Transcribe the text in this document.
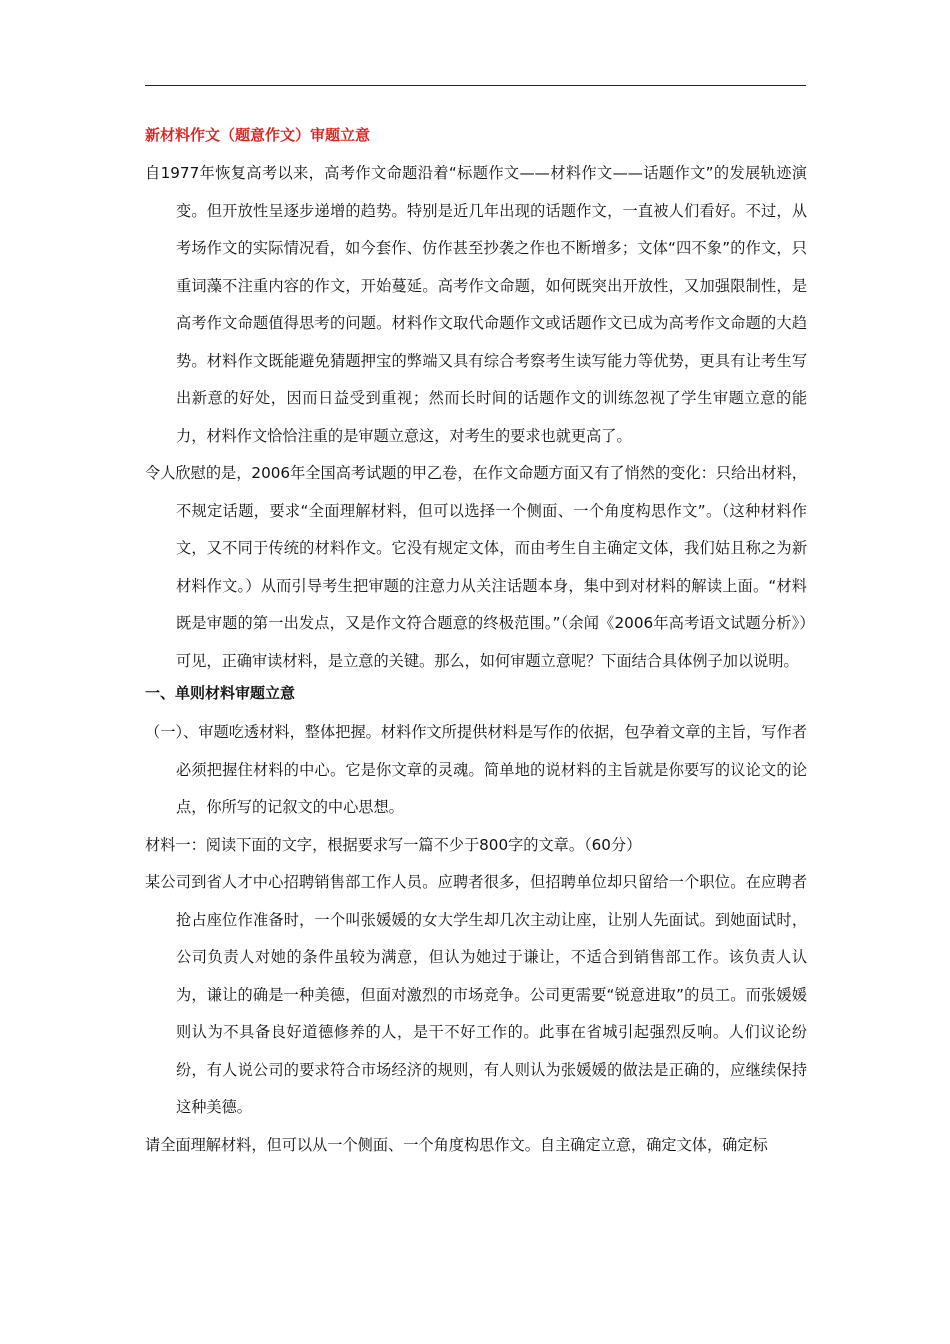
新材料作文（题意作文）审题立意

自1977年恢复高考以来，高考作文命题沿着“标题作文——材料作文——话题作文”的发展轨迹演变。但开放性呈逐步递增的趋势。特别是近几年出现的话题作文，一直被人们看好。不过，从考场作文的实际情况看，如今套作、仿作甚至抄袭之作也不断增多；文体“四不象”的作文，只重词藻不注重内容的作文，开始蔓延。高考作文命题，如何既突出开放性，又加强限制性，是高考作文命题值得思考的问题。材料作文取代命题作文或话题作文已成为高考作文命题的大趋势。材料作文既能避免猜题押宝的弊端又具有综合考察考生读写能力等优势，更具有让考生写出新意的好处，因而日益受到重视；然而长时间的话题作文的训练忽视了学生审题立意的能力，材料作文恰恰注重的是审题立意这，对考生的要求也就更高了。

令人欣慰的是，2006年全国高考试题的甲乙卷，在作文命题方面又有了悄然的变化：只给出材料，不规定话题，要求“全面理解材料，但可以选择一个侧面、一个角度构思作文”。（这种材料作文，又不同于传统的材料作文。它没有规定文体，而由考生自主确定文体，我们姑且称之为新材料作文。）从而引导考生把审题的注意力从关注话题本身，集中到对材料的解读上面。“材料既是审题的第一出发点，又是作文符合题意的终极范围。”（余闻《2006年高考语文试题分析》）可见，正确审读材料，是立意的关键。那么，如何审题立意呢？下面结合具体例子加以说明。

一、单则材料审题立意

（一）、审题吃透材料，整体把握。材料作文所提供材料是写作的依据，包孕着文章的主旨，写作者必须把握住材料的中心。它是你文章的灵魂。简单地的说材料的主旨就是你要写的议论文的论点，你所写的记叙文的中心思想。

材料一：阅读下面的文字，根据要求写一篇不少于800字的文章。（60分）

某公司到省人才中心招聘销售部工作人员。应聘者很多，但招聘单位却只留给一个职位。在应聘者抢占座位作准备时，一个叫张媛媛的女大学生却几次主动让座，让别人先面试。到她面试时，公司负责人对她的条件虽较为满意，但认为她过于谦让，不适合到销售部工作。该负责人认为，谦让的确是一种美德，但面对激烈的市场竞争。公司更需要“锐意进取”的员工。而张媛媛则认为不具备良好道德修养的人，是干不好工作的。此事在省城引起强烈反响。人们议论纷纷，有人说公司的要求符合市场经济的规则，有人则认为张媛媛的做法是正确的，应继续保持这种美德。

请全面理解材料，但可以从一个侧面、一个角度构思作文。自主确定立意，确定文体，确定标
